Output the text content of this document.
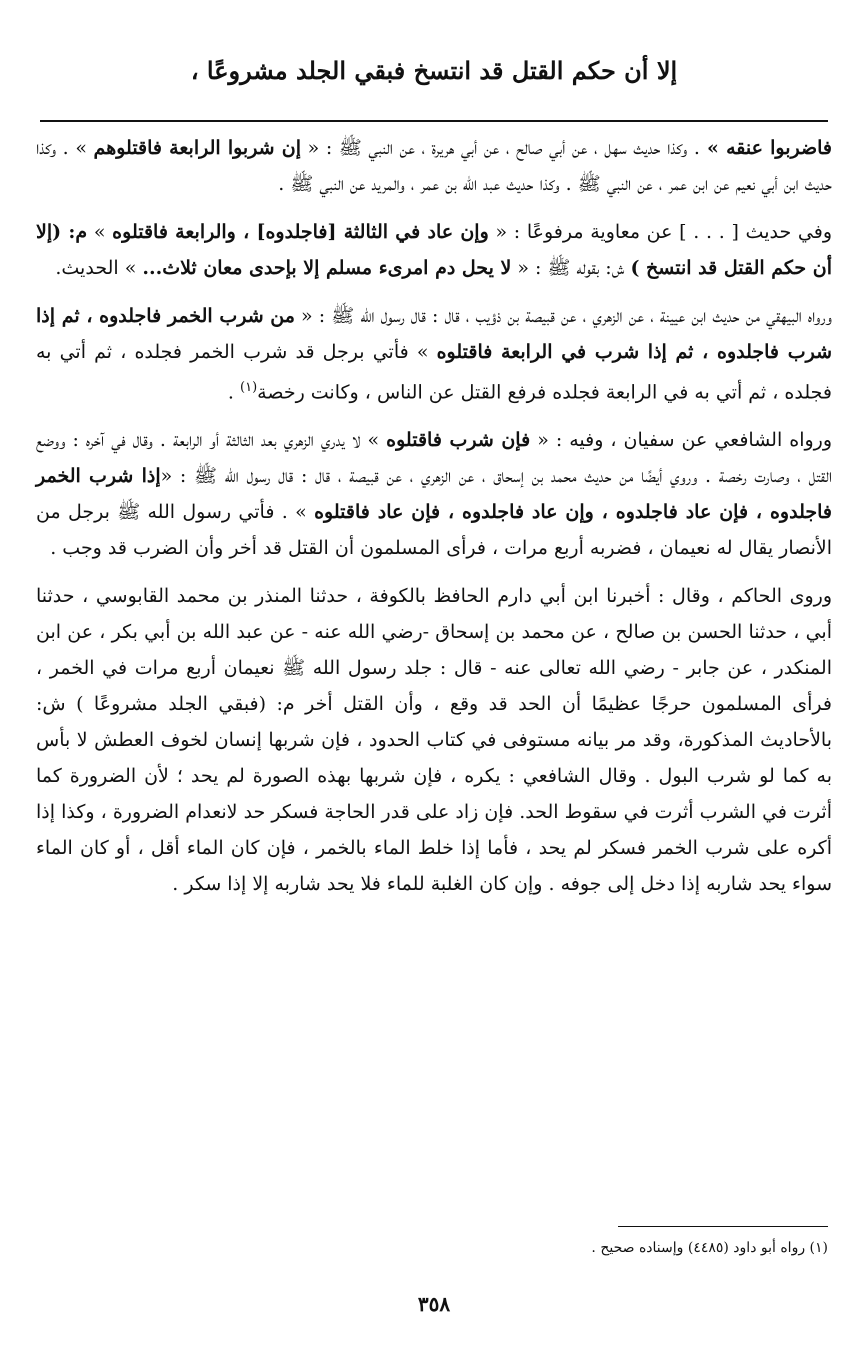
إلا أن حكم القتل قد انتسخ فبقي الجلد مشروعًا ،

فاضربوا عنقه » . وكذا حديث سهل ، عن أبي صالح ، عن أبي هريرة ، عن النبي ﷺ : « إن شربوا الرابعة فاقتلوهم » . وكذا حديث ابن أبي نعيم عن ابن عمر ، عن النبي ﷺ . وكذا حديث عبد الله بن عمر ، والمريد عن النبي ﷺ .

وفي حديث [ . . . ] عن معاوية مرفوعًا : « وإن عاد في الثالثة [فاجلدوه] ، والرابعة فاقتلوه » م: (إلا أن حكم القتل قد انتسخ ) ش: بقوله ﷺ : « لا يحل دم امرىء مسلم إلا بإحدى معان ثلاث... » الحديث.

ورواه البيهقي من حديث ابن عيينة ، عن الزهري ، عن قبيصة بن ذؤيب ، قال : قال رسول الله ﷺ : « من شرب الخمر فاجلدوه ، ثم إذا شرب فاجلدوه ، ثم إذا شرب في الرابعة فاقتلوه » فأتي برجل قد شرب الخمر فجلده ، ثم أتي به فجلده ، ثم أتي به في الرابعة فجلده فرفع القتل عن الناس ، وكانت رخصة$^{(١)}$ .

ورواه الشافعي عن سفيان ، وفيه : « فإن شرب فاقتلوه » لا يدري الزهري بعد الثالثة أو الرابعة . وقال في آخره : ووضع القتل ، وصارت رخصة . وروي أيضًا من حديث محمد بن إسحاق ، عن الزهري ، عن قبيصة ، قال : قال رسول الله ﷺ : «إذا شرب الخمر فاجلدوه ، فإن عاد فاجلدوه ، وإن عاد فاجلدوه ، فإن عاد فاقتلوه » . فأتي رسول الله ﷺ برجل من الأنصار يقال له نعيمان ، فضربه أربع مرات ، فرأى المسلمون أن القتل قد أخر وأن الضرب قد وجب .

وروى الحاكم ، وقال : أخبرنا ابن أبي دارم الحافظ بالكوفة ، حدثنا المنذر بن محمد القابوسي ، حدثنا أبي ، حدثنا الحسن بن صالح ، عن محمد بن إسحاق -رضي الله عنه - عن عبد الله بن أبي بكر ، عن ابن المنكدر ، عن جابر - رضي الله تعالى عنه - قال : جلد رسول الله ﷺ نعيمان أربع مرات في الخمر ، فرأى المسلمون حرجًا عظيمًا أن الحد قد وقع ، وأن القتل أخر م: (فبقي الجلد مشروعًا ) ش: بالأحاديث المذكورة، وقد مر بيانه مستوفى في كتاب الحدود ، فإن شربها إنسان لخوف العطش لا بأس به كما لو شرب البول . وقال الشافعي : يكره ، فإن شربها بهذه الصورة لم يحد ؛ لأن الضرورة كما أثرت في الشرب أثرت في سقوط الحد. فإن زاد على قدر الحاجة فسكر حد لانعدام الضرورة ، وكذا إذا أكره على شرب الخمر فسكر لم يحد ، فأما إذا خلط الماء بالخمر ، فإن كان الماء أقل ، أو كان الماء سواء يحد شاربه إذا دخل إلى جوفه . وإن كان الغلبة للماء فلا يحد شاربه إلا إذا سكر .

(١) رواه أبو داود (٤٤٨٥) وإسناده صحيح .
٣٥٨
